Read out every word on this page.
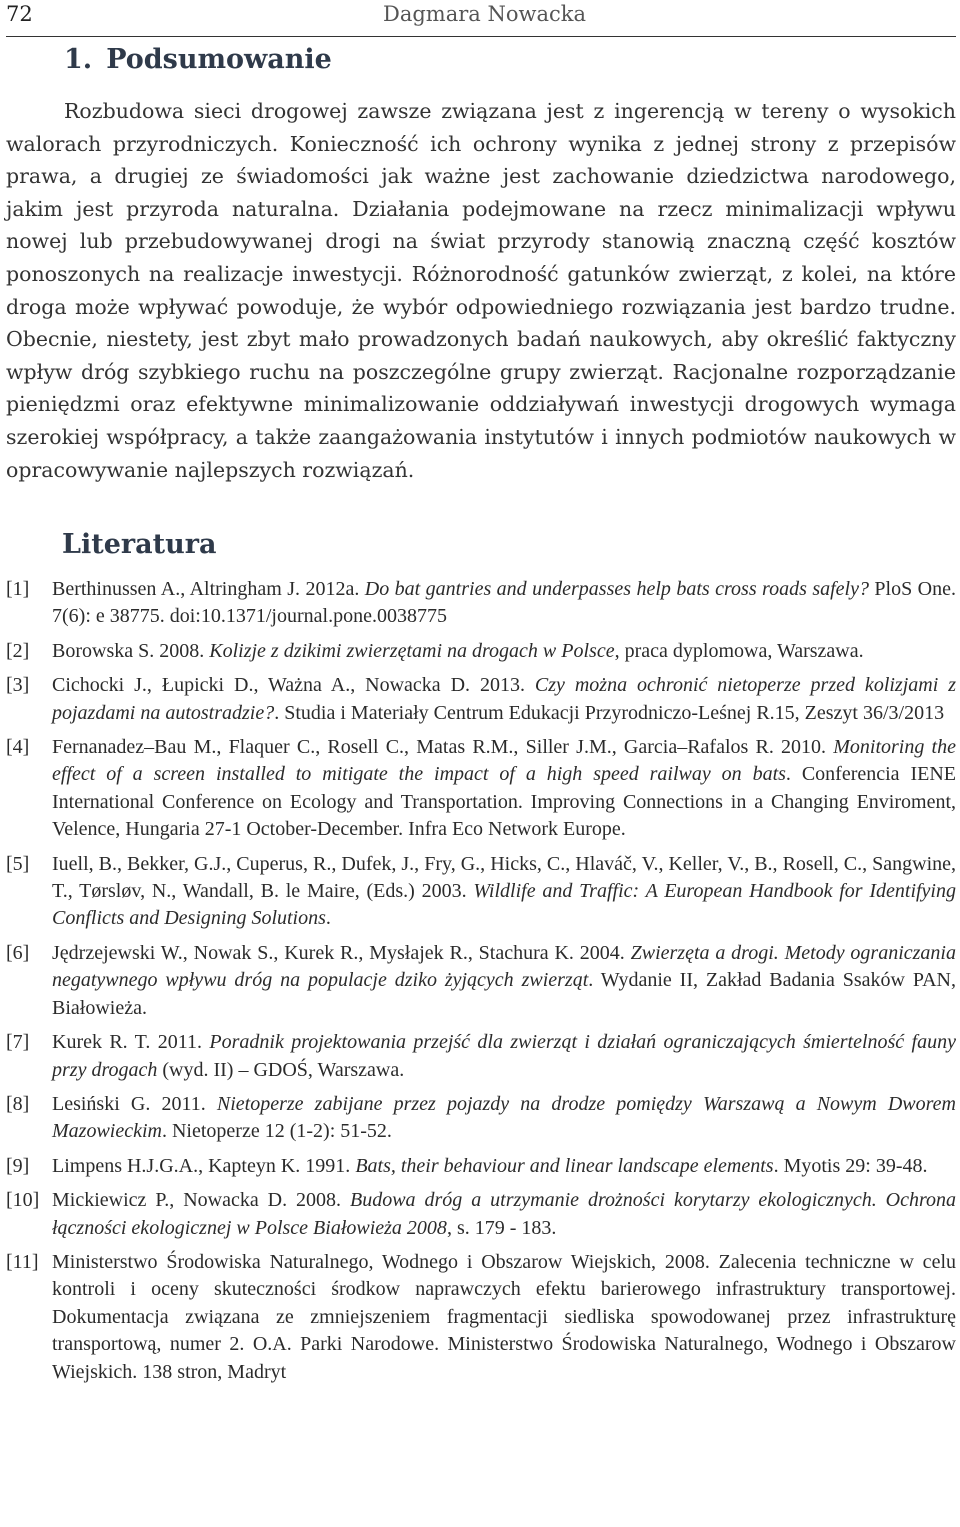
72	Dagmara Nowacka
1. Podsumowanie

Rozbudowa sieci drogowej zawsze związana jest z ingerencją w tereny o wysokich walorach przyrodniczych. Konieczność ich ochrony wynika z jednej strony z przepisów prawa, a drugiej ze świadomości jak ważne jest zachowanie dziedzictwa narodowego, jakim jest przyroda naturalna. Działania podejmowane na rzecz minimalizacji wpływu nowej lub przebudowywanej drogi na świat przyrody stanowią znaczną część kosztów ponoszonych na realizacje inwestycji. Różnorodność gatunków zwierząt, z kolei, na które droga może wpływać powoduje, że wybór odpowiedniego rozwiązania jest bardzo trudne. Obecnie, niestety, jest zbyt mało prowadzonych badań naukowych, aby określić faktyczny wpływ dróg szybkiego ruchu na poszczególne grupy zwierząt. Racjonalne rozporządzanie pieniędzmi oraz efektywne minimalizowanie oddziaływań inwestycji drogowych wymaga szerokiej współpracy, a także zaangażowania instytutów i innych podmiotów naukowych w opracowywanie najlepszych rozwiązań.

Literatura
[1] Berthinussen A., Altringham J. 2012a. Do bat gantries and underpasses help bats cross roads safely? PloS One. 7(6): e 38775. doi:10.1371/journal.pone.0038775
[2] Borowska S. 2008. Kolizje z dzikimi zwierzętami na drogach w Polsce, praca dyplomowa, Warszawa.
[3] Cichocki J., Łupicki D., Ważna A., Nowacka D. 2013. Czy można ochronić nietoperze przed kolizjami z pojazdami na autostradzie?. Studia i Materiały Centrum Edukacji Przyrodniczo-Leśnej R.15, Zeszyt 36/3/2013
[4] Fernanadez–Bau M., Flaquer C., Rosell C., Matas R.M., Siller J.M., Garcia–Rafalos R. 2010. Monitoring the effect of a screen installed to mitigate the impact of a high speed railway on bats. Conferencia IENE International Conference on Ecology and Transportation. Improving Connections in a Changing Enviroment, Velence, Hungaria 27-1 October-December. Infra Eco Network Europe.
[5] Iuell, B., Bekker, G.J., Cuperus, R., Dufek, J., Fry, G., Hicks, C., Hlaváč, V., Keller, V., B., Rosell, C., Sangwine, T., Tørsløv, N., Wandall, B. le Maire, (Eds.) 2003. Wildlife and Traffic: A European Handbook for Identifying Conflicts and Designing Solutions.
[6] Jędrzejewski W., Nowak S., Kurek R., Mysłajek R., Stachura K. 2004. Zwierzęta a drogi. Metody ograniczania negatywnego wpływu dróg na populacje dziko żyjących zwierząt. Wydanie II, Zakład Badania Ssaków PAN, Białowieża.
[7] Kurek R. T. 2011. Poradnik projektowania przejść dla zwierząt i działań ograniczających śmiertelność fauny przy drogach (wyd. II) – GDOŚ, Warszawa.
[8] Lesiński G. 2011. Nietoperze zabijane przez pojazdy na drodze pomiędzy Warszawą a Nowym Dworem Mazowieckim. Nietoperze 12 (1-2): 51-52.
[9] Limpens H.J.G.A., Kapteyn K. 1991. Bats, their behaviour and linear landscape elements. Myotis 29: 39-48.
[10] Mickiewicz P., Nowacka D. 2008. Budowa dróg a utrzymanie drożności korytarzy ekologicznych. Ochrona łączności ekologicznej w Polsce Białowieża 2008, s. 179 - 183.
[11] Ministerstwo Środowiska Naturalnego, Wodnego i Obszarow Wiejskich, 2008. Zalecenia techniczne w celu kontroli i oceny skuteczności środkow naprawczych efektu barierowego infrastruktury transportowej. Dokumentacja związana ze zmniejszeniem fragmentacji siedliska spowodowanej przez infrastrukturę transportową, numer 2. O.A. Parki Narodowe. Ministerstwo Środowiska Naturalnego, Wodnego i Obszarow Wiejskich. 138 stron, Madryt
